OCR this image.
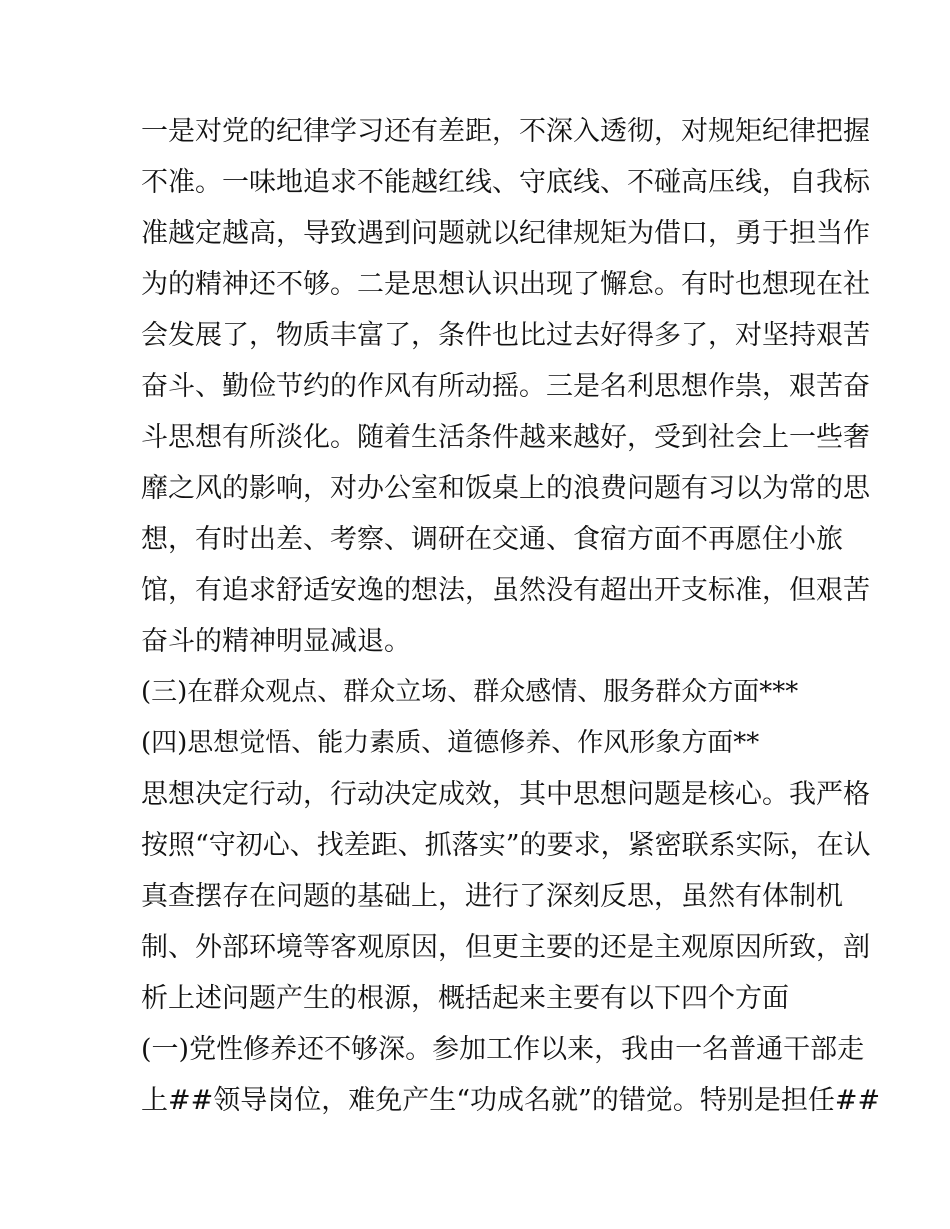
一是对党的纪律学习还有差距，不深入透彻，对规矩纪律把握
不准。一味地追求不能越红线、守底线、不碰高压线，自我标
准越定越高，导致遇到问题就以纪律规矩为借口，勇于担当作
为的精神还不够。二是思想认识出现了懈怠。有时也想现在社
会发展了，物质丰富了，条件也比过去好得多了，对坚持艰苦
奋斗、勤俭节约的作风有所动摇。三是名利思想作祟，艰苦奋
斗思想有所淡化。随着生活条件越来越好，受到社会上一些奢
靡之风的影响，对办公室和饭桌上的浪费问题有习以为常的思
想，有时出差、考察、调研在交通、食宿方面不再愿住小旅
馆，有追求舒适安逸的想法，虽然没有超出开支标准，但艰苦
奋斗的精神明显减退。
(三)在群众观点、群众立场、群众感情、服务群众方面***
(四)思想觉悟、能力素质、道德修养、作风形象方面**
思想决定行动，行动决定成效，其中思想问题是核心。我严格
按照“守初心、找差距、抓落实”的要求，紧密联系实际，在认
真查摆存在问题的基础上，进行了深刻反思，虽然有体制机
制、外部环境等客观原因，但更主要的还是主观原因所致，剖
析上述问题产生的根源，概括起来主要有以下四个方面
(一)党性修养还不够深。参加工作以来，我由一名普通干部走
上##领导岗位，难免产生“功成名就”的错觉。特别是担任##
